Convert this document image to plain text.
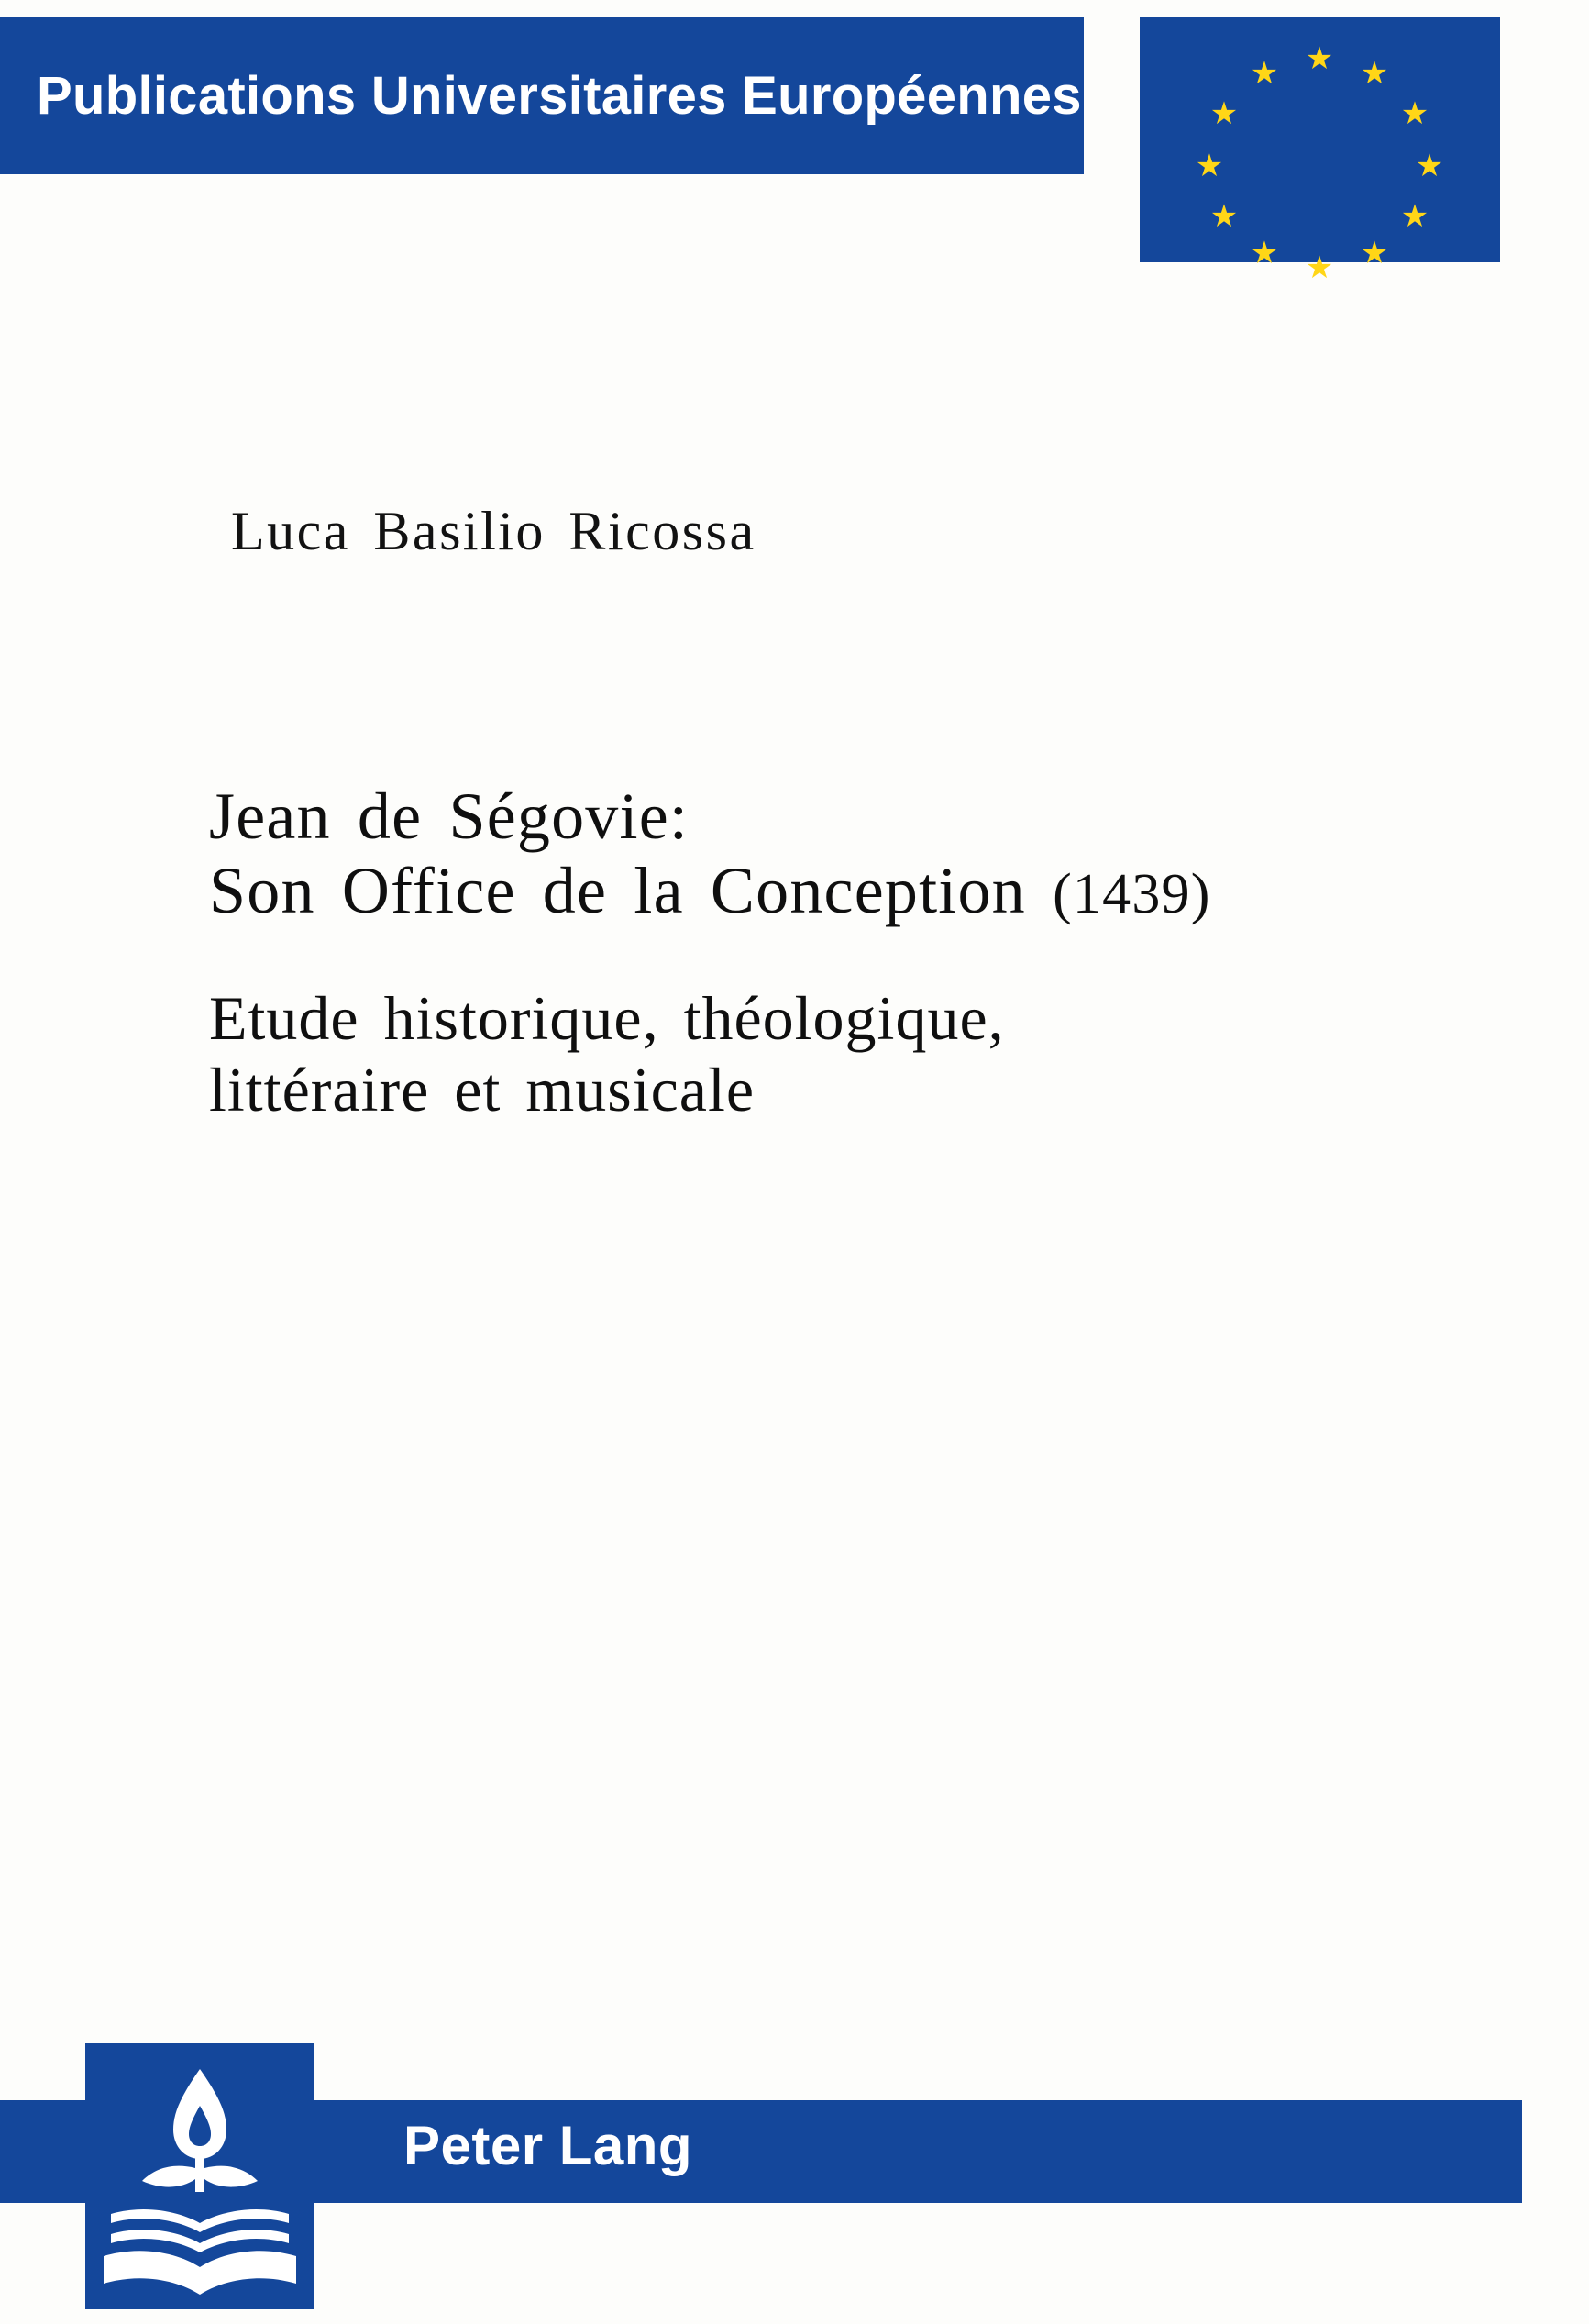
Publications Universitaires Européennes
★
★	★
★	★
★	★
★	★
★	★
★
Luca Basilio Ricossa
Jean de Ségovie:
Son Office de la Conception (1439)
Etude historique, théologique,
littéraire et musicale
Peter Lang
